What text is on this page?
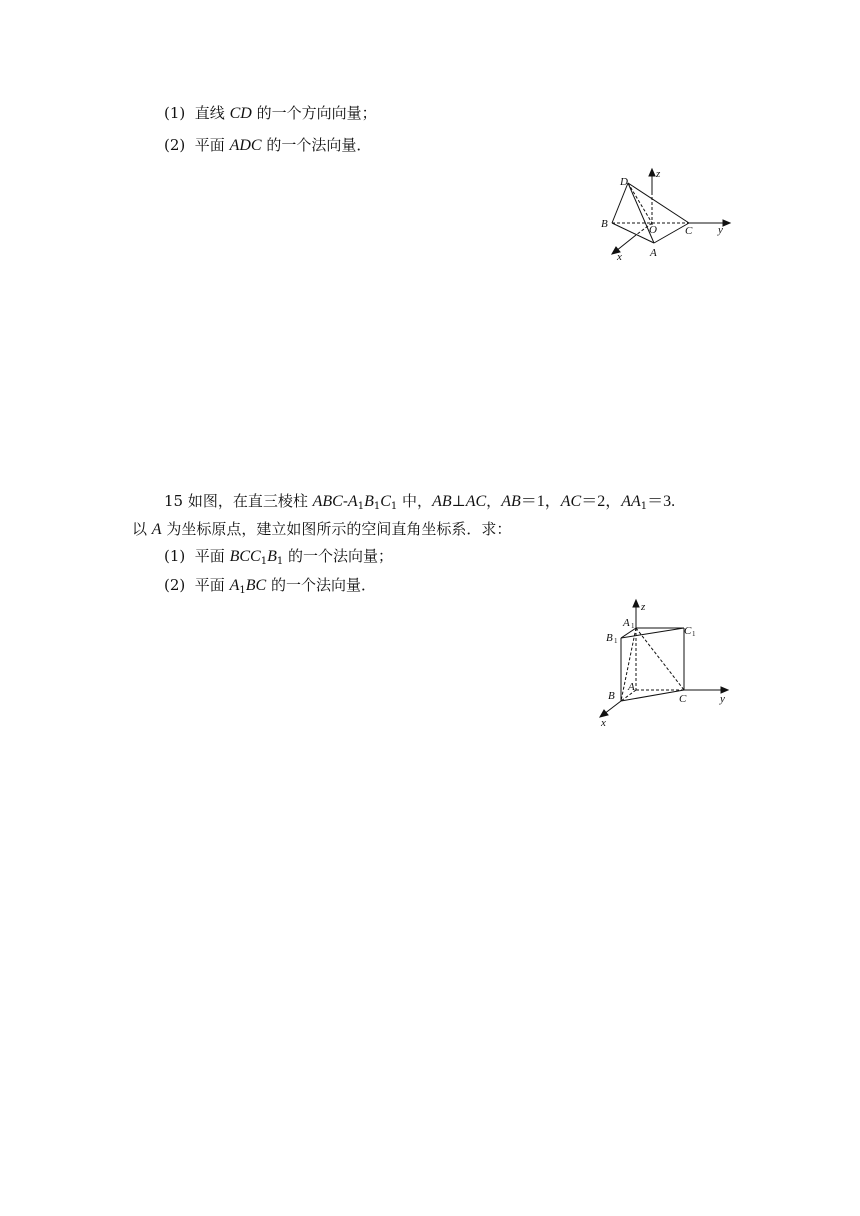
(1) 直线 CD 的一个方向向量；
(2) 平面 ADC 的一个法向量．
D
z
B	O	C y
x	A
15 如图，在直三棱柱 ABC-$A_1B_1C_1$ 中，AB⊥AC，AB＝1，AC＝2，$AA_1=3$.
以 A 为坐标原点，建立如图所示的空间直角坐标系．求：
(1) 平面 $BCC_1B_1$ 的一个法向量；
(2) 平面 $A_1BC$ 的一个法向量．
z
A 1	C 1
B 1
A
C	y
B
x
